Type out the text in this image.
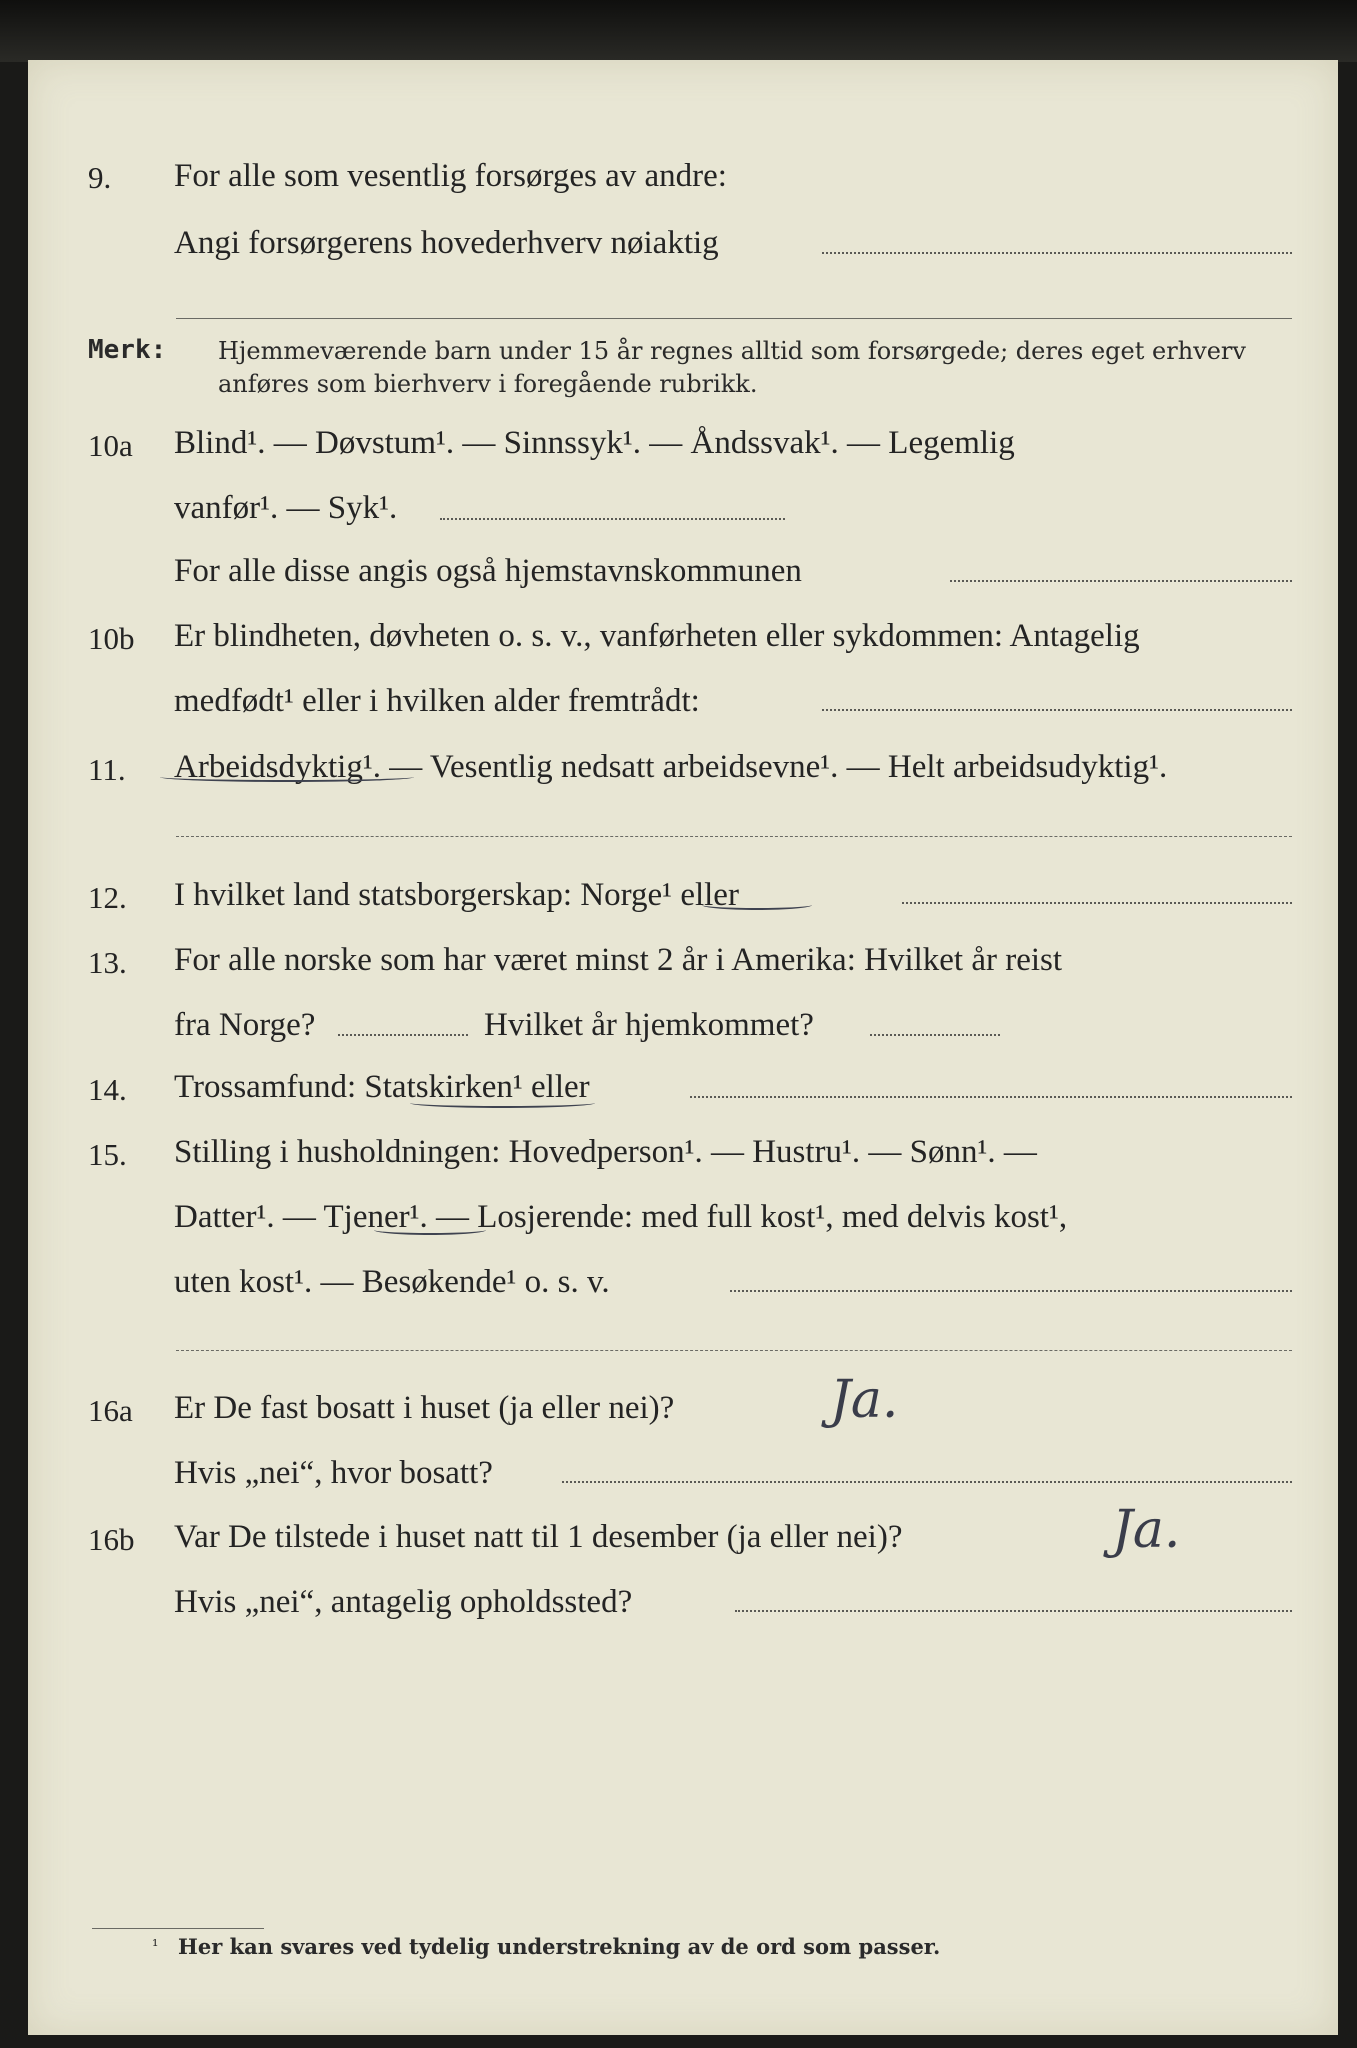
9. For alle som vesentlig forsørges av andre:
Angi forsørgerens hovederhverv nøiaktig
Merk: Hjemmeværende barn under 15 år regnes alltid som forsørgede; deres eget erhverv
anføres som bierhverv i foregående rubrikk.
10a Blind¹. — Døvstum¹. — Sinnssyk¹. — Åndssvak¹. — Legemlig
vanfør¹. — Syk¹.
For alle disse angis også hjemstavnskommunen
10b Er blindheten, døvheten o. s. v., vanførheten eller sykdommen: Antagelig
medfødt¹ eller i hvilken alder fremtrådt:
11. Arbeidsdyktig¹. — Vesentlig nedsatt arbeidsevne¹. — Helt arbeidsudyktig¹.
12. I hvilket land statsborgerskap: Norge¹ eller
13. For alle norske som har været minst 2 år i Amerika: Hvilket år reist
fra Norge?	Hvilket år hjemkommet?
14. Trossamfund: Statskirken¹ eller
15. Stilling i husholdningen: Hovedperson¹. — Hustru¹. — Sønn¹. —
Datter¹. — Tjener¹. — Losjerende: med full kost¹, med delvis kost¹,
uten kost¹. — Besøkende¹ o. s. v.
16a Er De fast bosatt i huset (ja eller nei)?	Ja.
Hvis „nei“, hvor bosatt?
16b Var De tilstede i huset natt til 1 desember (ja eller nei)?	Ja.
Hvis „nei“, antagelig opholdssted?
¹ Her kan svares ved tydelig understrekning av de ord som passer.
